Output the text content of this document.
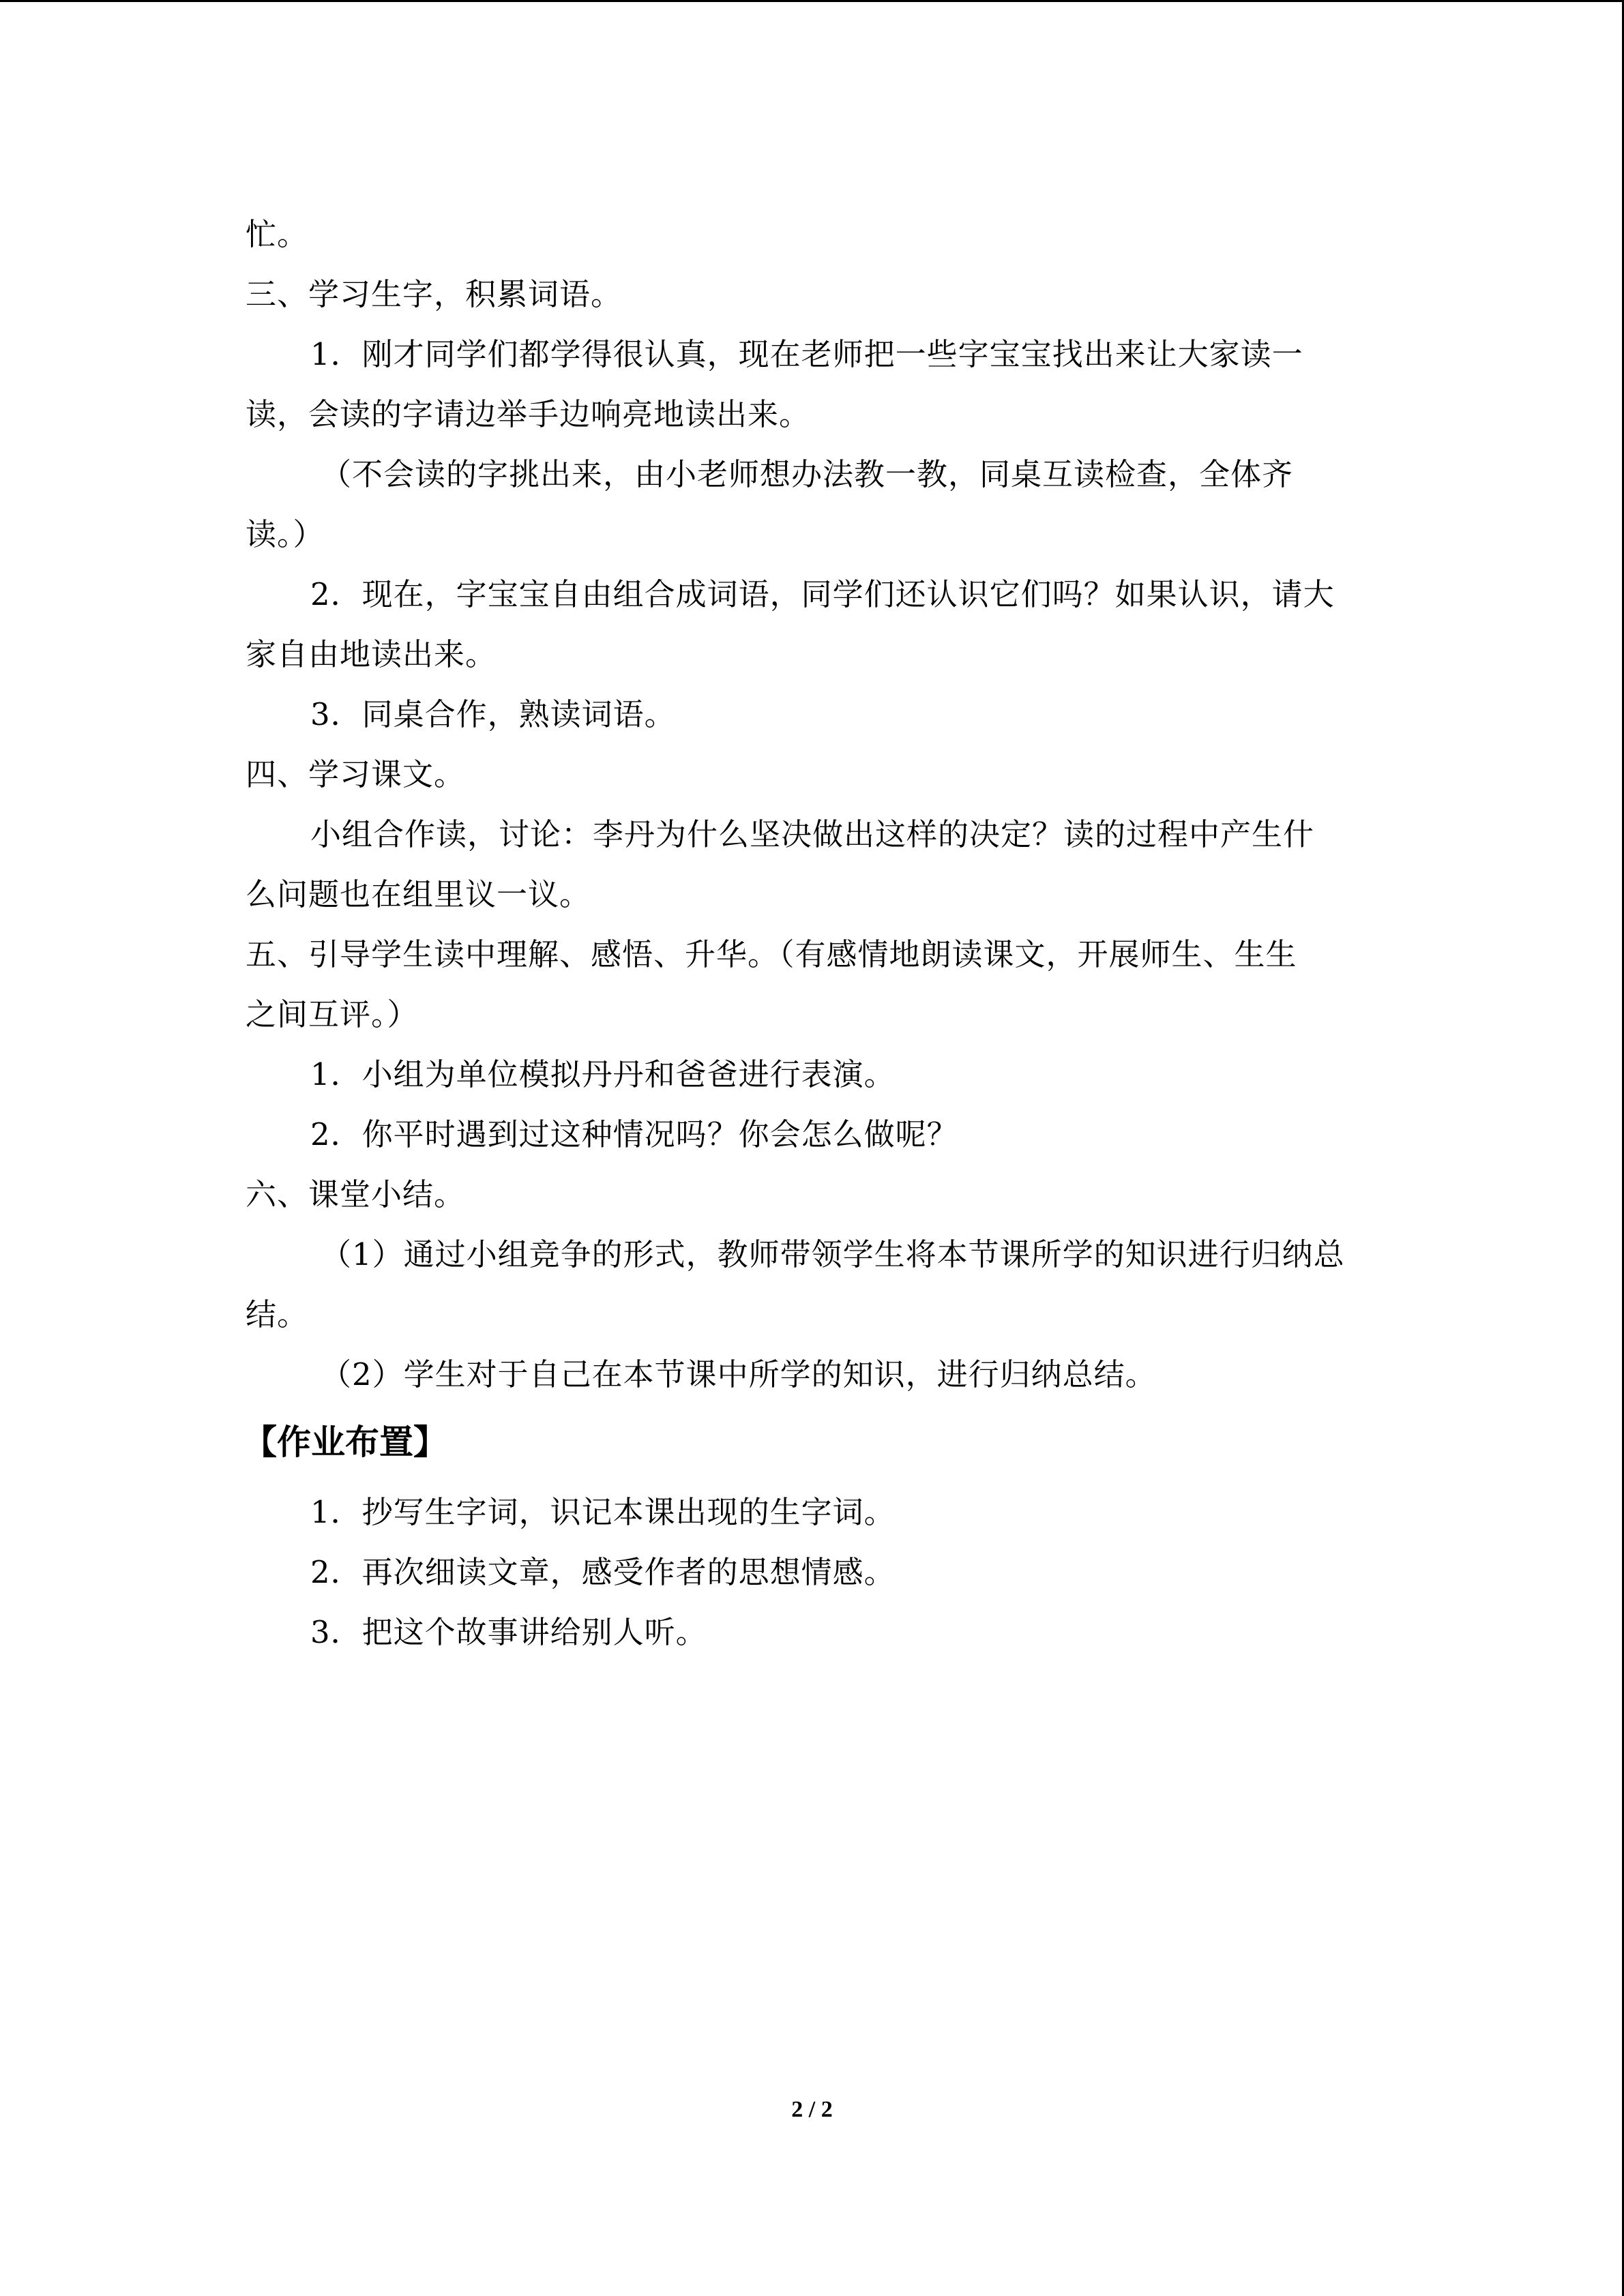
忙。
三、学习生字，积累词语。
1．刚才同学们都学得很认真，现在老师把一些字宝宝找出来让大家读一
读，会读的字请边举手边响亮地读出来。
（不会读的字挑出来，由小老师想办法教一教，同桌互读检查，全体齐
读。）
2．现在，字宝宝自由组合成词语，同学们还认识它们吗？如果认识，请大
家自由地读出来。
3．同桌合作，熟读词语。
四、学习课文。
小组合作读，讨论：李丹为什么坚决做出这样的决定？读的过程中产生什
么问题也在组里议一议。
五、引导学生读中理解、感悟、升华。（有感情地朗读课文，开展师生、生生
之间互评。）
1．小组为单位模拟丹丹和爸爸进行表演。
2．你平时遇到过这种情况吗？你会怎么做呢？
六、课堂小结。
（1）通过小组竞争的形式，教师带领学生将本节课所学的知识进行归纳总
结。
（2）学生对于自己在本节课中所学的知识，进行归纳总结。
【作业布置】
1．抄写生字词，识记本课出现的生字词。
2．再次细读文章，感受作者的思想情感。
3．把这个故事讲给别人听。
2 / 2
